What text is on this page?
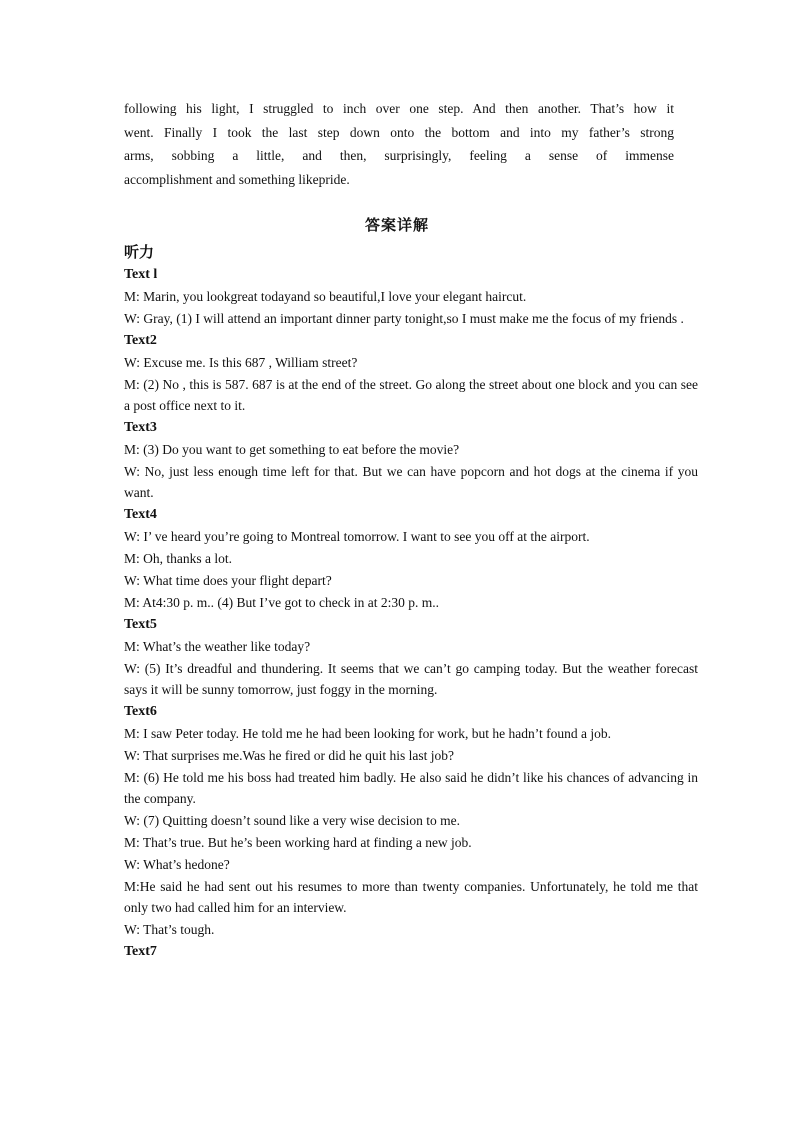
following his light, I struggled to inch over one step. And then another. That’s how it
went. Finally I took the last step down onto the bottom and into my father’s strong
arms, sobbing a little, and then, surprisingly, feeling a sense of immense
accomplishment and something likepride.
答案详解
听力
Text l
M: Marin, you lookgreat todayand so beautiful,I love your elegant haircut.
W: Gray, (1) I will attend an important dinner party tonight,so I must make me the focus of my friends .
Text2
W: Excuse me. Is this 687 , William street?
M: (2) No , this is 587. 687 is at the end of the street. Go along the street about one block and you can see a post office next to it.
Text3
M: (3) Do you want to get something to eat before the movie?
W: No, just less enough time left for that. But we can have popcorn and hot dogs at the cinema if you want.
Text4
W: I’ ve heard you’re going to Montreal tomorrow. I want to see you off at the airport.
M: Oh, thanks a lot.
W: What time does your flight depart?
M: At4:30 p. m.. (4) But I’ve got to check in at 2:30 p. m..
Text5
M: What’s the weather like today?
W: (5) It’s dreadful and thundering. It seems that we can’t go camping today. But the weather forecast says it will be sunny tomorrow, just foggy in the morning.
Text6
M: I saw Peter today. He told me he had been looking for work, but he hadn’t found a job.
W: That surprises me.Was he fired or did he quit his last job?
M: (6) He told me his boss had treated him badly. He also said he didn’t like his chances of advancing in the company.
W: (7) Quitting doesn’t sound like a very wise decision to me.
M: That’s true. But he’s been working hard at finding a new job.
W: What’s hedone?
M:He said he had sent out his resumes to more than twenty companies. Unfortunately, he told me that only two had called him for an interview.
W: That’s tough.
Text7
